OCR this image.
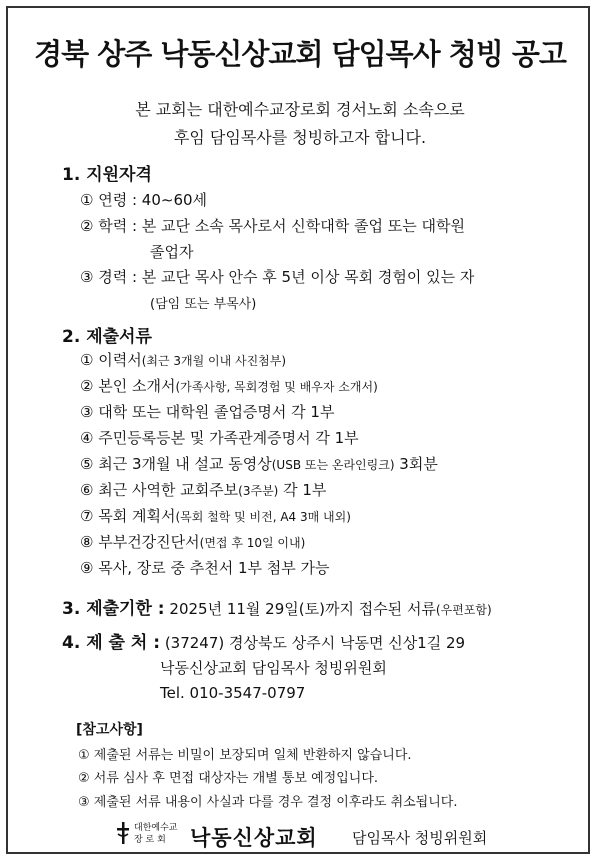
경북 상주 낙동신상교회 담임목사 청빙 공고
본 교회는 대한예수교장로회 경서노회 소속으로
후임 담임목사를 청빙하고자 합니다.
1. 지원자격
① 연령 : 40∼60세
② 학력 : 본 교단 소속 목사로서 신학대학 졸업 또는 대학원
졸업자
③ 경력 : 본 교단 목사 안수 후 5년 이상 목회 경험이 있는 자
(담임 또는 부목사)
2. 제출서류
① 이력서(최근 3개월 이내 사진첨부)
② 본인 소개서(가족사항, 목회경험 및 배우자 소개서)
③ 대학 또는 대학원 졸업증명서 각 1부
④ 주민등록등본 및 가족관계증명서 각 1부
⑤ 최근 3개월 내 설교 동영상(USB 또는 온라인링크) 3회분
⑥ 최근 사역한 교회주보(3주분) 각 1부
⑦ 목회 계획서(목회 철학 및 비전, A4 3매 내외)
⑧ 부부건강진단서(면접 후 10일 이내)
⑨ 목사, 장로 중 추천서 1부 첨부 가능
3. 제출기한 : 2025년 11월 29일(토)까지 접수된 서류(우편포함)
4. 제 출 처 : (37247) 경상북도 상주시 낙동면 신상1길 29
낙동신상교회 담임목사 청빙위원회
Tel. 010-3547-0797
[참고사항]
① 제출된 서류는 비밀이 보장되며 일체 반환하지 않습니다.
② 서류 심사 후 면접 대상자는 개별 통보 예정입니다.
③ 제출된 서류 내용이 사실과 다를 경우 결정 이후라도 취소됩니다.
대한예수교
장 로 회 낙동신상교회 담임목사 청빙위원회
